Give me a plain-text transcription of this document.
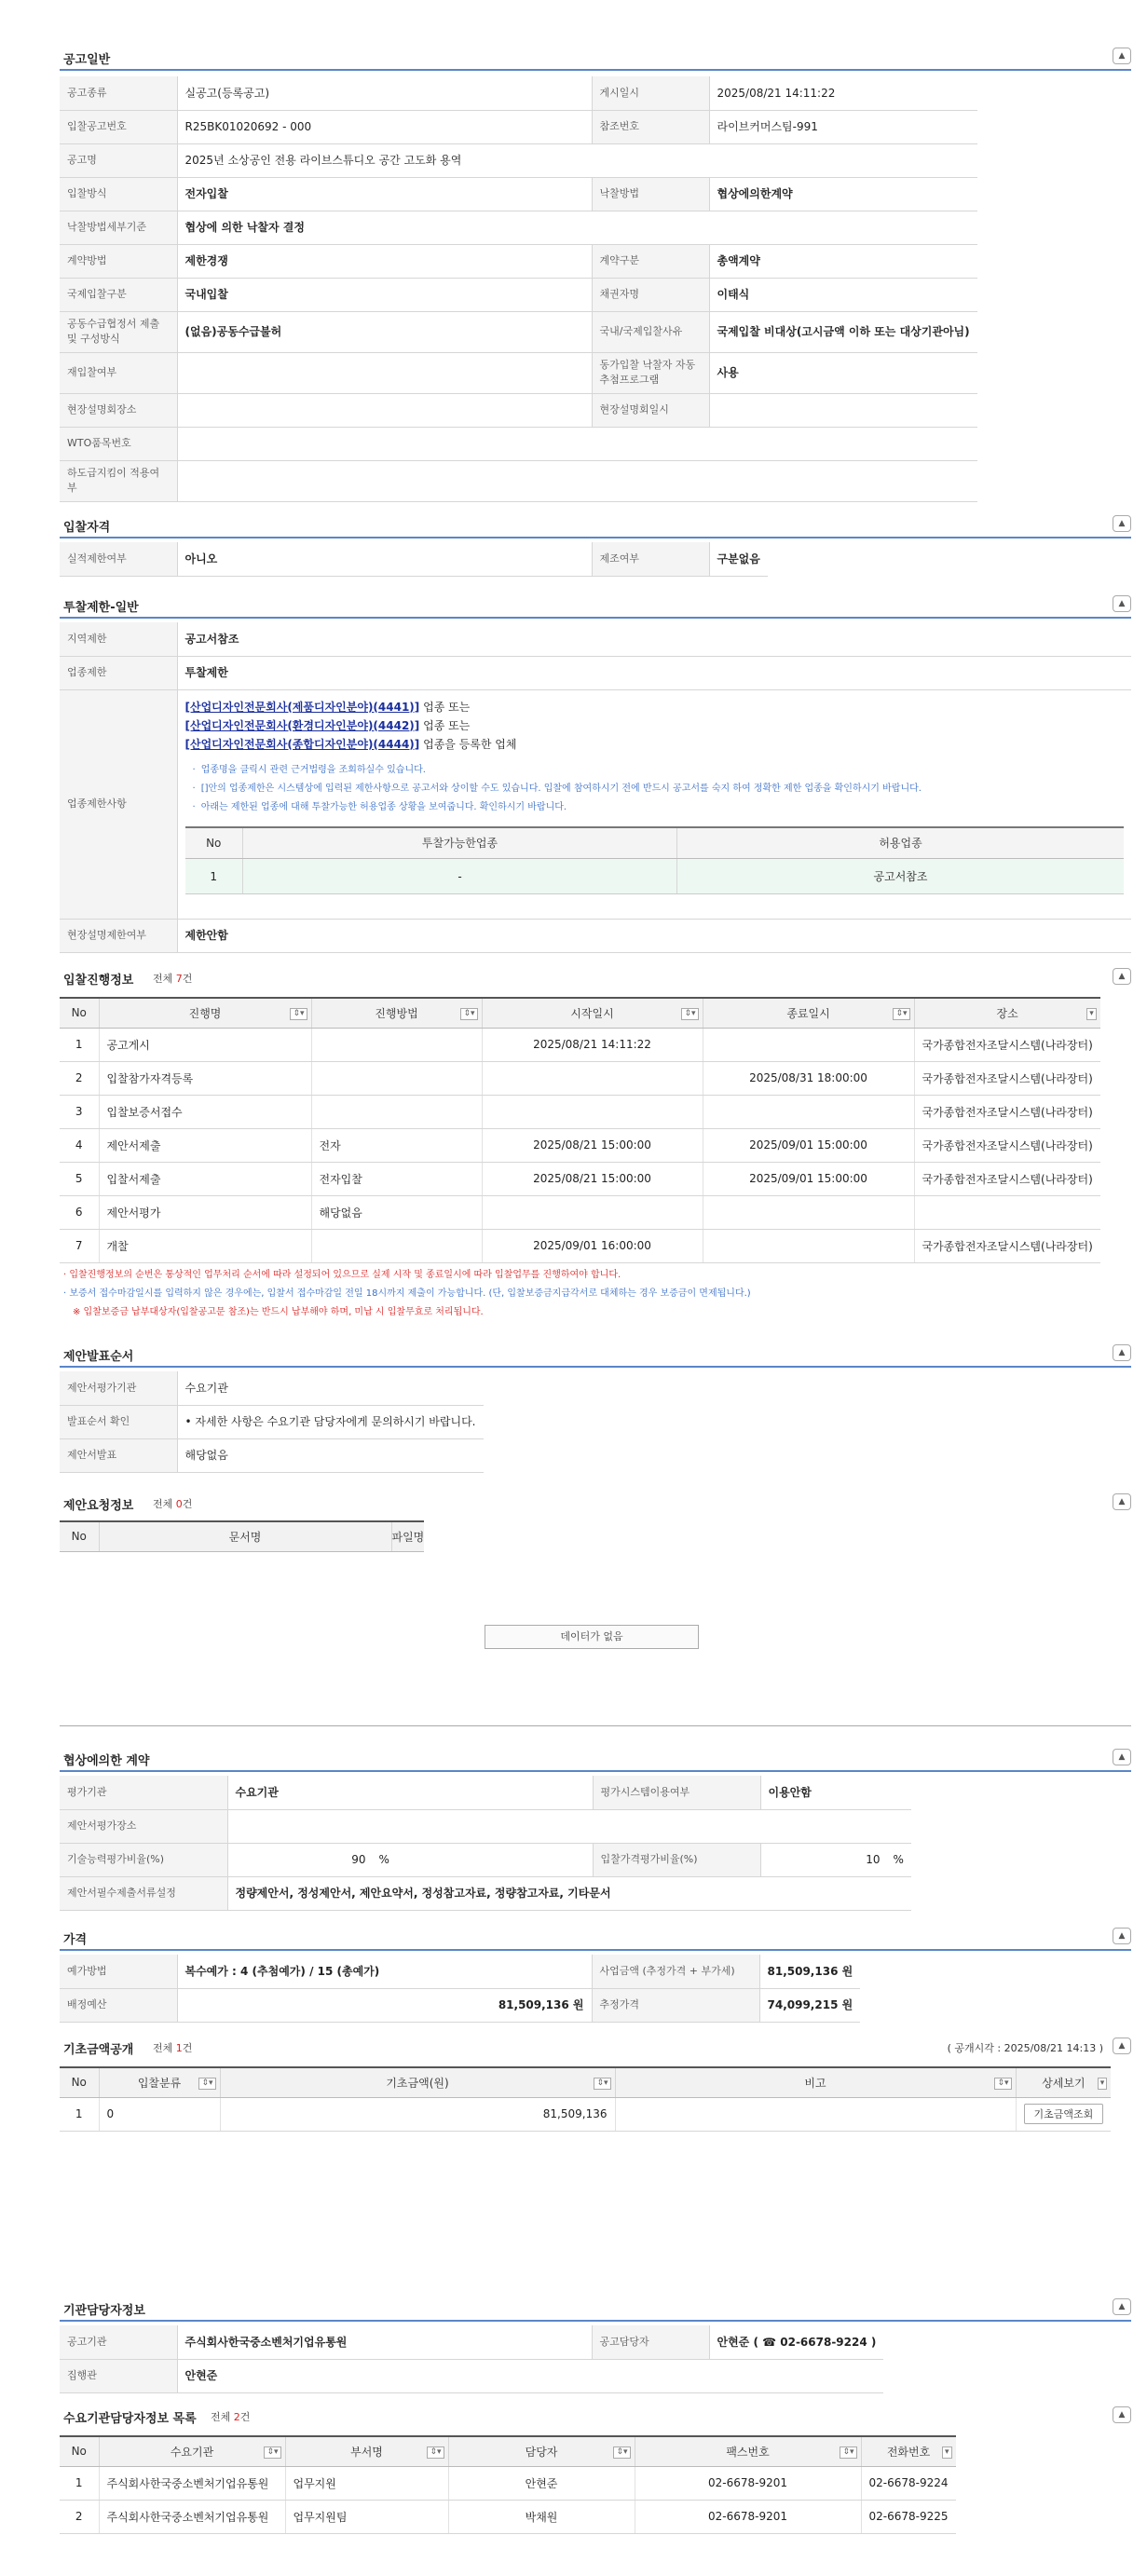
공고일반	▲
공고종류	실공고(등록공고)	게시일시	2025/08/21 14:11:22
입찰공고번호	R25BK01020692 - 000	참조번호	라이브커머스팀-991
공고명	2025년 소상공인 전용 라이브스튜디오 공간 고도화 용역		
입찰방식	전자입찰	낙찰방법	협상에의한계약
낙찰방법세부기준	협상에 의한 낙찰자 결정		
계약방법	제한경쟁	계약구분	총액계약
국제입찰구분	국내입찰	채권자명	이태식
공동수급협정서 제출 및 구성방식	(없음)공동수급불허	국내/국제입찰사유	국제입찰 비대상(고시금액 이하 또는 대상기관아님)
재입찰여부		동가입찰 낙찰자 자동추첨프로그램	사용
현장설명회장소		현장설명회일시	
WTO품목번호			
하도급지킴이 적용여부			
입찰자격	▲
실적제한여부	아니오	제조여부	구분없음
투찰제한-일반	▲
지역제한	공고서참조
업종제한	투찰제한
업종제한사항	
[산업디자인전문회사(제품디자인분야)(4441)] 업종 또는
[산업디자인전문회사(환경디자인분야)(4442)] 업종 또는
[산업디자인전문회사(종합디자인분야)(4444)] 업종을 등록한 업체
· 업종명을 클릭시 관련 근거법령을 조회하실수 있습니다.
· []안의 업종제한은 시스템상에 입력된 제한사항으로 공고서와 상이할 수도 있습니다. 입찰에 참여하시기 전에 반드시 공고서를 숙지 하여 정확한 제한 업종을 확인하시기 바랍니다.
· 아래는 제한된 업종에 대해 투찰가능한 허용업종 상황을 보여줍니다. 확인하시기 바랍니다.
No	투찰가능한업종	허용업종
1	-	공고서참조

현장설명제한여부	제한안함
입찰진행정보 전체 7건	▲
No	진행명 ⇕▾	진행방법 ⇕▾	시작일시 ⇕▾	종료일시 ⇕▾	장소 ▾

1	공고게시		2025/08/21 14:11:22		국가종합전자조달시스템(나라장터)
2	입찰참가자격등록			2025/08/31 18:00:00	국가종합전자조달시스템(나라장터)
3	입찰보증서접수				국가종합전자조달시스템(나라장터)
4	제안서제출	전자	2025/08/21 15:00:00	2025/09/01 15:00:00	국가종합전자조달시스템(나라장터)
5	입찰서제출	전자입찰	2025/08/21 15:00:00	2025/09/01 15:00:00	국가종합전자조달시스템(나라장터)
6	제안서평가	해당없음			
7	개찰		2025/09/01 16:00:00		국가종합전자조달시스템(나라장터)
· 입찰진행정보의 순번은 통상적인 업무처리 순서에 따라 설정되어 있으므로 실제 시작 및 종료일시에 따라 입찰업무를 진행하여야 합니다.
· 보증서 접수마감일시를 입력하지 않은 경우에는, 입찰서 접수마감일 전일 18시까지 제출이 가능합니다. (단, 입찰보증금지급각서로 대체하는 경우 보증금이 면제됩니다.)
※ 입찰보증금 납부대상자(입찰공고문 참조)는 반드시 납부해야 하며, 미납 시 입찰무효로 처리됩니다.
제안발표순서	▲
제안서평가기관	수요기관
발표순서 확인	• 자세한 사항은 수요기관 담당자에게 문의하시기 바랍니다.
제안서발표	해당없음
제안요청정보 전체 0건	▲
No	문서명	파일명
데이터가 없음
협상에의한 계약	▲
평가기관	수요기관	평가시스템이용여부	이용안함
제안서평가장소			
기술능력평가비율(%)	90 %	입찰가격평가비율(%)	10 %
제안서필수제출서류설정	정량제안서, 정성제안서, 제안요약서, 정성참고자료, 정량참고자료, 기타문서		
가격	▲
예가방법	복수예가 : 4 (추첨예가) / 15 (총예가)	사업금액 (추정가격 + 부가세)	81,509,136 원
배정예산	81,509,136 원	추정가격	74,099,215 원
기초금액공개 전체 1건	( 공개시각 : 2025/08/21 14:13 )	▲
No	입찰분류 ⇕▾	기초금액(원) ⇕▾	비고 ⇕▾	상세보기 ▾

1	0	81,509,136		기초금액조회
기관담당자정보	▲
공고기관	주식회사한국중소벤처기업유통원	공고담당자	안현준 ( ☎ 02-6678-9224 )
집행관	안현준		
수요기관담당자정보 목록 전체 2건	▲
No	수요기관 ⇕▾	부서명 ⇕▾	담당자 ⇕▾	팩스번호 ⇕▾	전화번호 ▾

1	주식회사한국중소벤처기업유통원	업무지원	안현준	02-6678-9201	02-6678-9224
2	주식회사한국중소벤처기업유통원	업무지원팀	박채원	02-6678-9201	02-6678-9225
